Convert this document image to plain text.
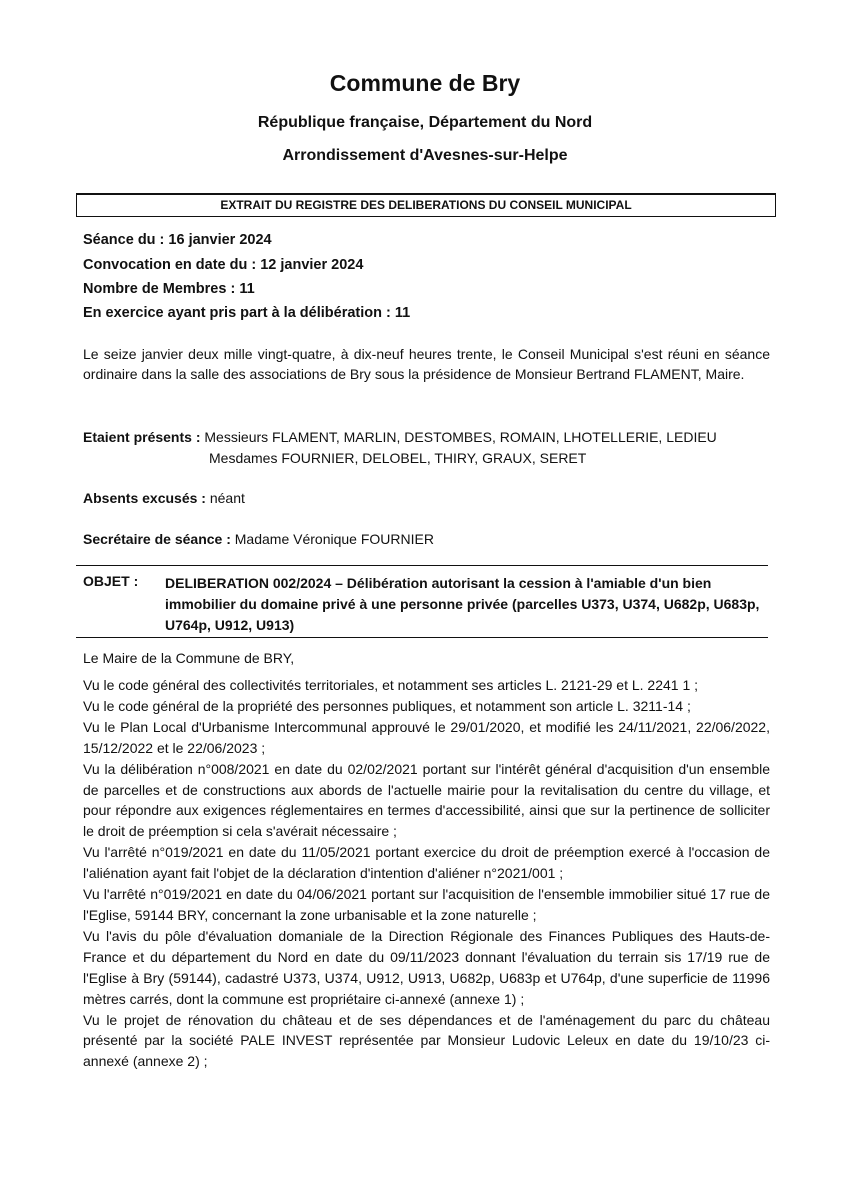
Commune de Bry
République française, Département du Nord
Arrondissement d'Avesnes-sur-Helpe
EXTRAIT DU REGISTRE DES DELIBERATIONS DU CONSEIL MUNICIPAL
Séance du : 16 janvier 2024
Convocation en date du : 12 janvier 2024
Nombre de Membres : 11
En exercice ayant pris part à la délibération : 11
Le seize janvier deux mille vingt-quatre, à dix-neuf heures trente, le Conseil Municipal s'est réuni en séance ordinaire dans la salle des associations de Bry sous la présidence de Monsieur Bertrand FLAMENT, Maire.
Etaient présents : Messieurs FLAMENT, MARLIN, DESTOMBES, ROMAIN, LHOTELLERIE, LEDIEU
Mesdames FOURNIER, DELOBEL, THIRY, GRAUX, SERET
Absents excusés : néant
Secrétaire de séance : Madame Véronique FOURNIER
OBJET : DELIBERATION 002/2024 – Délibération autorisant la cession à l'amiable d'un bien immobilier du domaine privé à une personne privée (parcelles U373, U374, U682p, U683p, U764p, U912, U913)
Le Maire de la Commune de BRY,

Vu le code général des collectivités territoriales, et notamment ses articles L. 2121-29 et L. 2241 1 ;

Vu le code général de la propriété des personnes publiques, et notamment son article L. 3211-14 ;

Vu le Plan Local d'Urbanisme Intercommunal approuvé le 29/01/2020, et modifié les 24/11/2021, 22/06/2022, 15/12/2022 et le 22/06/2023 ;

Vu la délibération n°008/2021 en date du 02/02/2021 portant sur l'intérêt général d'acquisition d'un ensemble de parcelles et de constructions aux abords de l'actuelle mairie pour la revitalisation du centre du village, et pour répondre aux exigences réglementaires en termes d'accessibilité, ainsi que sur la pertinence de solliciter le droit de préemption si cela s'avérait nécessaire ;

Vu l'arrêté n°019/2021 en date du 11/05/2021 portant exercice du droit de préemption exercé à l'occasion de l'aliénation ayant fait l'objet de la déclaration d'intention d'aliéner n°2021/001 ;

Vu l'arrêté n°019/2021 en date du 04/06/2021 portant sur l'acquisition de l'ensemble immobilier situé 17 rue de l'Eglise, 59144 BRY, concernant la zone urbanisable et la zone naturelle ;

Vu l'avis du pôle d'évaluation domaniale de la Direction Régionale des Finances Publiques des Hauts-de-France et du département du Nord en date du 09/11/2023 donnant l'évaluation du terrain sis 17/19 rue de l'Eglise à Bry (59144), cadastré U373, U374, U912, U913, U682p, U683p et U764p, d'une superficie de 11996 mètres carrés, dont la commune est propriétaire ci-annexé (annexe 1) ;

Vu le projet de rénovation du château et de ses dépendances et de l'aménagement du parc du château présenté par la société PALE INVEST représentée par Monsieur Ludovic Leleux en date du 19/10/23 ci-annexé (annexe 2) ;
